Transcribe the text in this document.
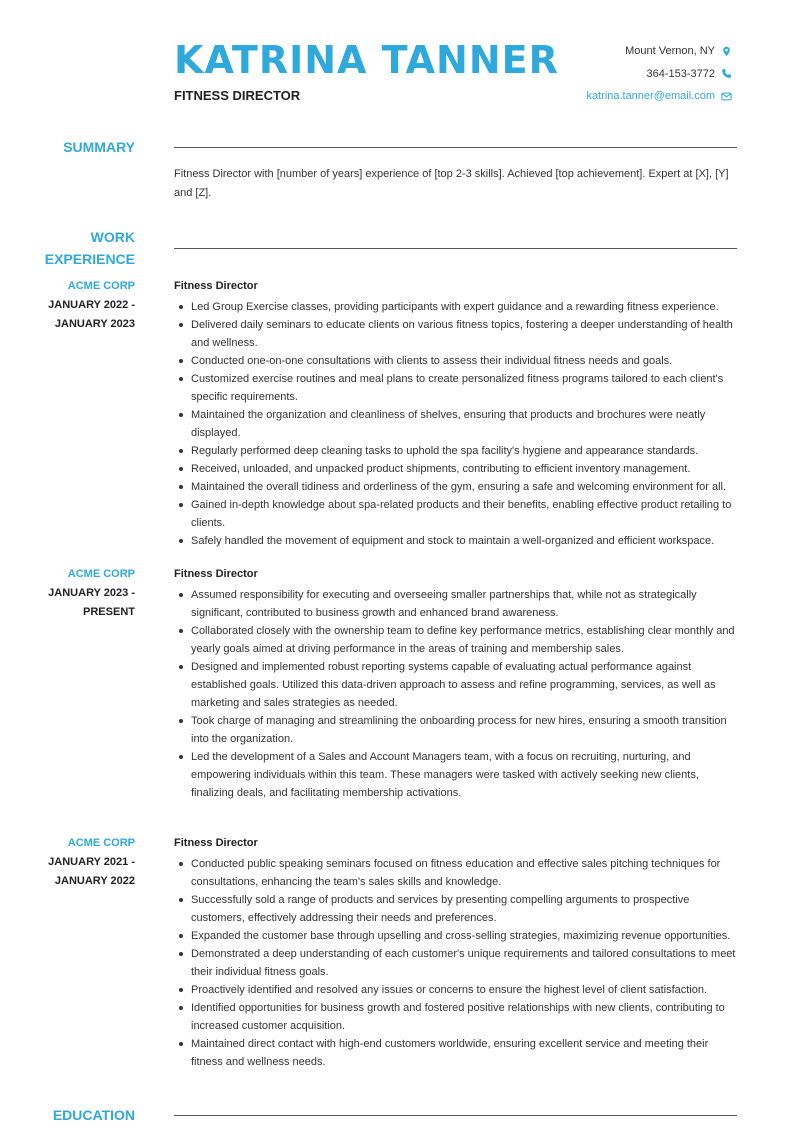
KATRINA TANNER
FITNESS DIRECTOR
Mount Vernon, NY
364-153-3772
katrina.tanner@email.com
SUMMARY

Fitness Director with [number of years] experience of [top 2-3 skills]. Achieved [top achievement]. Expert at [X], [Y] and [Z].

WORK
EXPERIENCE
ACME CORP
JANUARY 2022 -
JANUARY 2023
Fitness Director
Led Group Exercise classes, providing participants with expert guidance and a rewarding fitness experience.
Delivered daily seminars to educate clients on various fitness topics, fostering a deeper understanding of health and wellness.
Conducted one-on-one consultations with clients to assess their individual fitness needs and goals.
Customized exercise routines and meal plans to create personalized fitness programs tailored to each client's specific requirements.
Maintained the organization and cleanliness of shelves, ensuring that products and brochures were neatly displayed.
Regularly performed deep cleaning tasks to uphold the spa facility's hygiene and appearance standards.
Received, unloaded, and unpacked product shipments, contributing to efficient inventory management.
Maintained the overall tidiness and orderliness of the gym, ensuring a safe and welcoming environment for all.
Gained in-depth knowledge about spa-related products and their benefits, enabling effective product retailing to clients.
Safely handled the movement of equipment and stock to maintain a well-organized and efficient workspace.
ACME CORP
JANUARY 2023 -
PRESENT
Fitness Director
Assumed responsibility for executing and overseeing smaller partnerships that, while not as strategically significant, contributed to business growth and enhanced brand awareness.
Collaborated closely with the ownership team to define key performance metrics, establishing clear monthly and yearly goals aimed at driving performance in the areas of training and membership sales.
Designed and implemented robust reporting systems capable of evaluating actual performance against established goals. Utilized this data-driven approach to assess and refine programming, services, as well as marketing and sales strategies as needed.
Took charge of managing and streamlining the onboarding process for new hires, ensuring a smooth transition into the organization.
Led the development of a Sales and Account Managers team, with a focus on recruiting, nurturing, and empowering individuals within this team. These managers were tasked with actively seeking new clients, finalizing deals, and facilitating membership activations.
ACME CORP
JANUARY 2021 -
JANUARY 2022
Fitness Director
Conducted public speaking seminars focused on fitness education and effective sales pitching techniques for consultations, enhancing the team's sales skills and knowledge.
Successfully sold a range of products and services by presenting compelling arguments to prospective customers, effectively addressing their needs and preferences.
Expanded the customer base through upselling and cross-selling strategies, maximizing revenue opportunities.
Demonstrated a deep understanding of each customer's unique requirements and tailored consultations to meet their individual fitness goals.
Proactively identified and resolved any issues or concerns to ensure the highest level of client satisfaction.
Identified opportunities for business growth and fostered positive relationships with new clients, contributing to increased customer acquisition.
Maintained direct contact with high-end customers worldwide, ensuring excellent service and meeting their fitness and wellness needs.
EDUCATION
